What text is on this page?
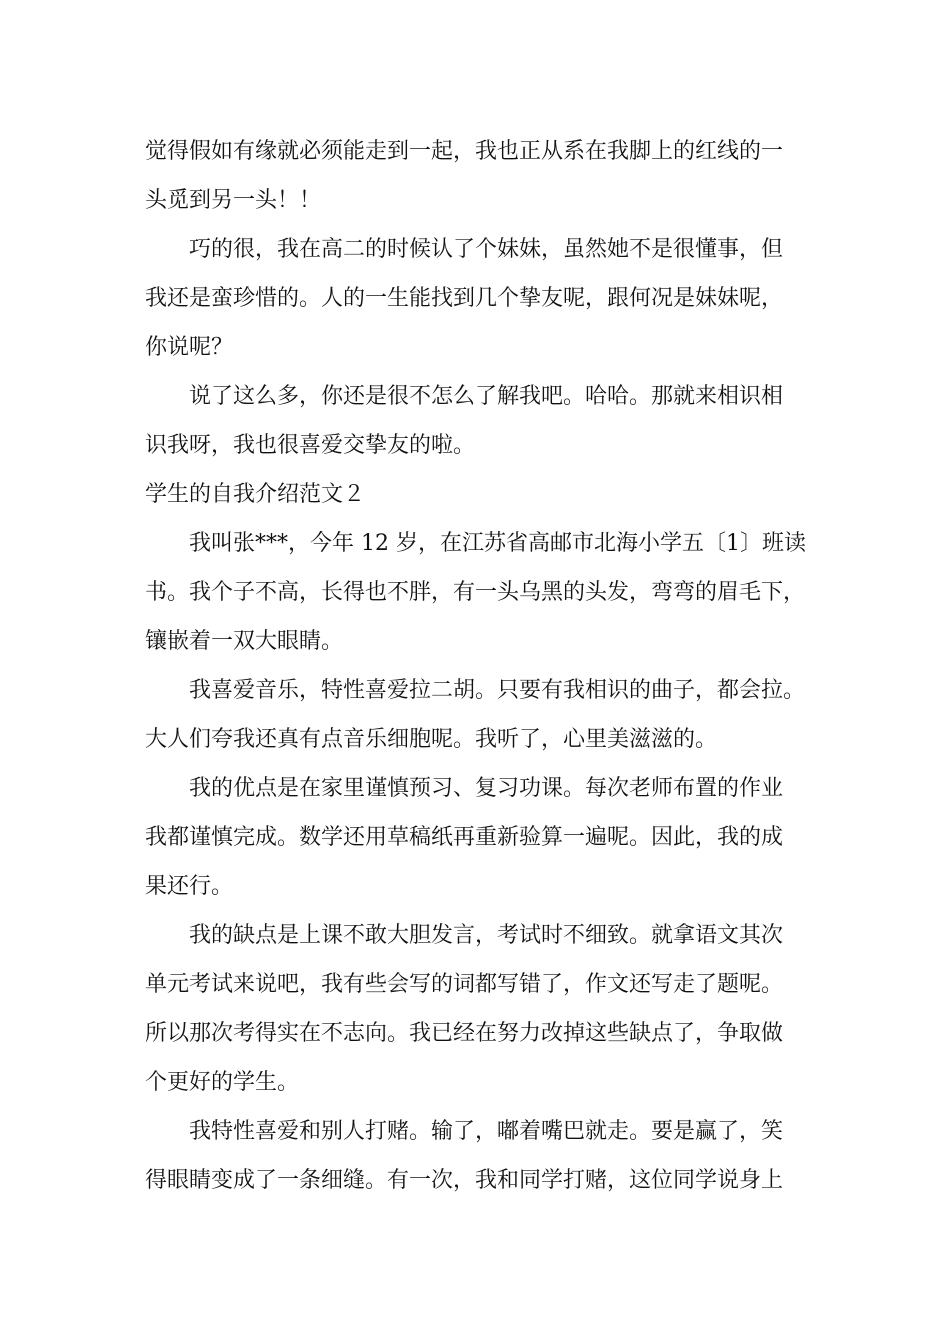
觉得假如有缘就必须能走到一起，我也正从系在我脚上的红线的一
头觅到另一头！！
巧的很，我在高二的时候认了个妹妹，虽然她不是很懂事，但
我还是蛮珍惜的。人的一生能找到几个挚友呢，跟何况是妹妹呢，
你说呢？
说了这么多，你还是很不怎么了解我吧。哈哈。那就来相识相
识我呀，我也很喜爱交挚友的啦。
学生的自我介绍范文２
我叫张***，今年 12 岁，在江苏省高邮市北海小学五〔1〕班读
书。我个子不高，长得也不胖，有一头乌黑的头发，弯弯的眉毛下，
镶嵌着一双大眼睛。
我喜爱音乐，特性喜爱拉二胡。只要有我相识的曲子，都会拉。
大人们夸我还真有点音乐细胞呢。我听了，心里美滋滋的。
我的优点是在家里谨慎预习、复习功课。每次老师布置的作业
我都谨慎完成。数学还用草稿纸再重新验算一遍呢。因此，我的成
果还行。
我的缺点是上课不敢大胆发言，考试时不细致。就拿语文其次
单元考试来说吧，我有些会写的词都写错了，作文还写走了题呢。
所以那次考得实在不志向。我已经在努力改掉这些缺点了，争取做
个更好的学生。
我特性喜爱和别人打赌。输了，嘟着嘴巴就走。要是赢了，笑
得眼睛变成了一条细缝。有一次，我和同学打赌，这位同学说身上
